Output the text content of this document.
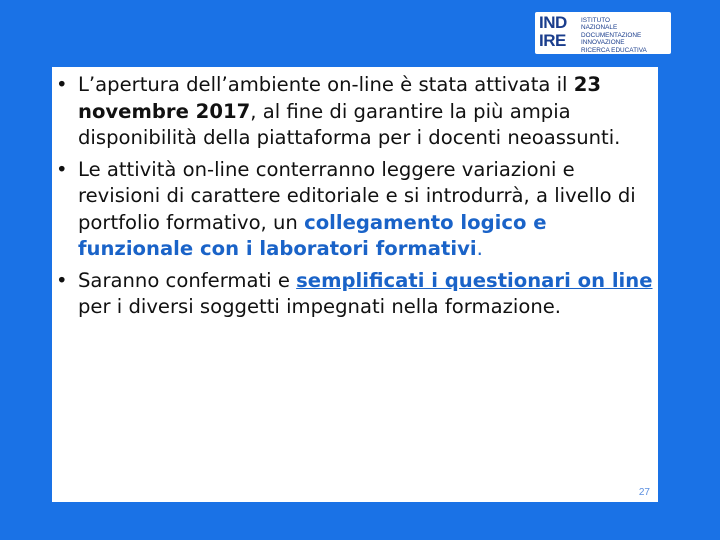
IND
IRE
ISTITUTO
NAZIONALE
DOCUMENTAZIONE
INNOVAZIONE
RICERCA EDUCATIVA
• L’apertura dell’ambiente on-line è stata attivata il 23 novembre 2017, al fine di garantire la più ampia disponibilità della piattaforma per i docenti neoassunti.
• Le attività on-line conterranno leggere variazioni e revisioni di carattere editoriale e si introdurrà, a livello di portfolio formativo, un collegamento logico e funzionale con i laboratori formativi.
• Saranno confermati e semplificati i questionari on line per i diversi soggetti impegnati nella formazione.
27
